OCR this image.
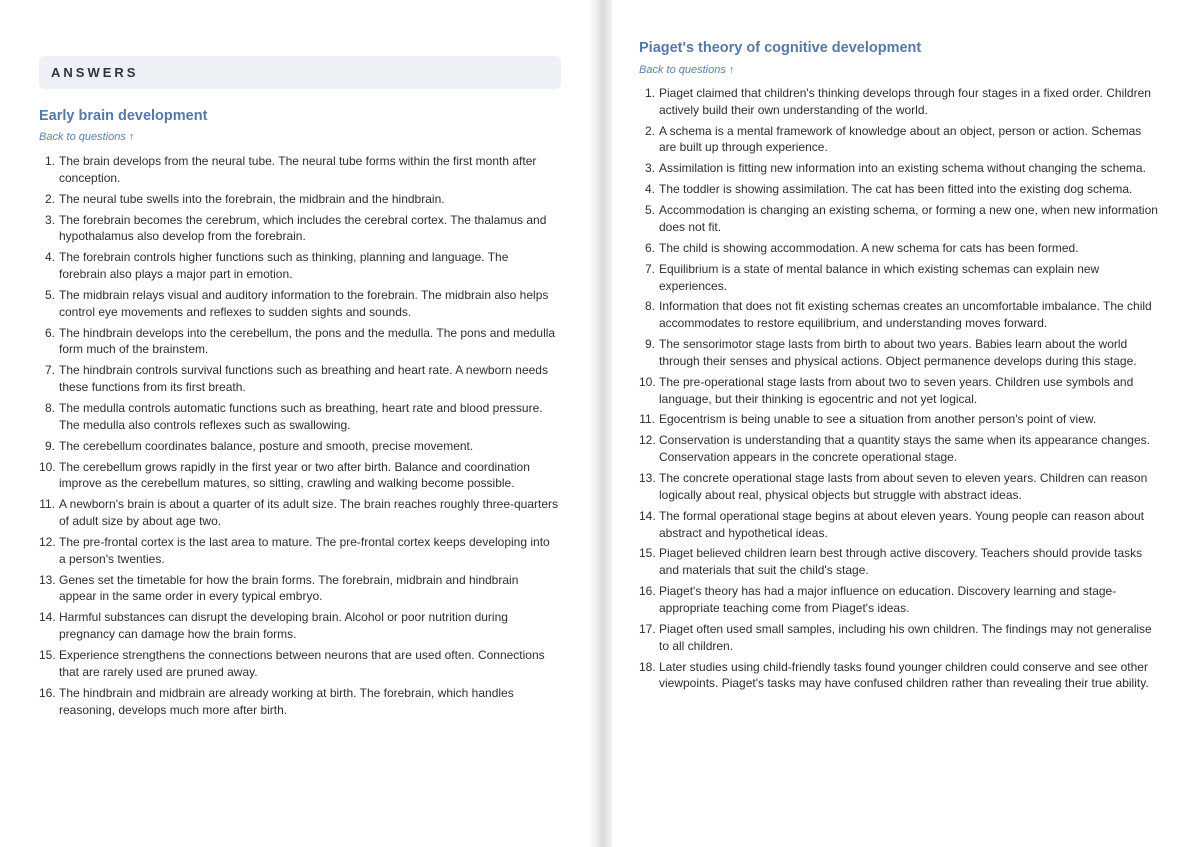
ANSWERS
Early brain development
Back to questions ↑
1. The brain develops from the neural tube. The neural tube forms within the first month after conception.
2. The neural tube swells into the forebrain, the midbrain and the hindbrain.
3. The forebrain becomes the cerebrum, which includes the cerebral cortex. The thalamus and hypothalamus also develop from the forebrain.
4. The forebrain controls higher functions such as thinking, planning and language. The forebrain also plays a major part in emotion.
5. The midbrain relays visual and auditory information to the forebrain. The midbrain also helps control eye movements and reflexes to sudden sights and sounds.
6. The hindbrain develops into the cerebellum, the pons and the medulla. The pons and medulla form much of the brainstem.
7. The hindbrain controls survival functions such as breathing and heart rate. A newborn needs these functions from its first breath.
8. The medulla controls automatic functions such as breathing, heart rate and blood pressure. The medulla also controls reflexes such as swallowing.
9. The cerebellum coordinates balance, posture and smooth, precise movement.
10. The cerebellum grows rapidly in the first year or two after birth. Balance and coordination improve as the cerebellum matures, so sitting, crawling and walking become possible.
11. A newborn's brain is about a quarter of its adult size. The brain reaches roughly three-quarters of adult size by about age two.
12. The pre-frontal cortex is the last area to mature. The pre-frontal cortex keeps developing into a person's twenties.
13. Genes set the timetable for how the brain forms. The forebrain, midbrain and hindbrain appear in the same order in every typical embryo.
14. Harmful substances can disrupt the developing brain. Alcohol or poor nutrition during pregnancy can damage how the brain forms.
15. Experience strengthens the connections between neurons that are used often. Connections that are rarely used are pruned away.
16. The hindbrain and midbrain are already working at birth. The forebrain, which handles reasoning, develops much more after birth.
Piaget's theory of cognitive development
Back to questions ↑
1. Piaget claimed that children's thinking develops through four stages in a fixed order. Children actively build their own understanding of the world.
2. A schema is a mental framework of knowledge about an object, person or action. Schemas are built up through experience.
3. Assimilation is fitting new information into an existing schema without changing the schema.
4. The toddler is showing assimilation. The cat has been fitted into the existing dog schema.
5. Accommodation is changing an existing schema, or forming a new one, when new information does not fit.
6. The child is showing accommodation. A new schema for cats has been formed.
7. Equilibrium is a state of mental balance in which existing schemas can explain new experiences.
8. Information that does not fit existing schemas creates an uncomfortable imbalance. The child accommodates to restore equilibrium, and understanding moves forward.
9. The sensorimotor stage lasts from birth to about two years. Babies learn about the world through their senses and physical actions. Object permanence develops during this stage.
10. The pre-operational stage lasts from about two to seven years. Children use symbols and language, but their thinking is egocentric and not yet logical.
11. Egocentrism is being unable to see a situation from another person's point of view.
12. Conservation is understanding that a quantity stays the same when its appearance changes. Conservation appears in the concrete operational stage.
13. The concrete operational stage lasts from about seven to eleven years. Children can reason logically about real, physical objects but struggle with abstract ideas.
14. The formal operational stage begins at about eleven years. Young people can reason about abstract and hypothetical ideas.
15. Piaget believed children learn best through active discovery. Teachers should provide tasks and materials that suit the child's stage.
16. Piaget's theory has had a major influence on education. Discovery learning and stage-appropriate teaching come from Piaget's ideas.
17. Piaget often used small samples, including his own children. The findings may not generalise to all children.
18. Later studies using child-friendly tasks found younger children could conserve and see other viewpoints. Piaget's tasks may have confused children rather than revealing their true ability.
